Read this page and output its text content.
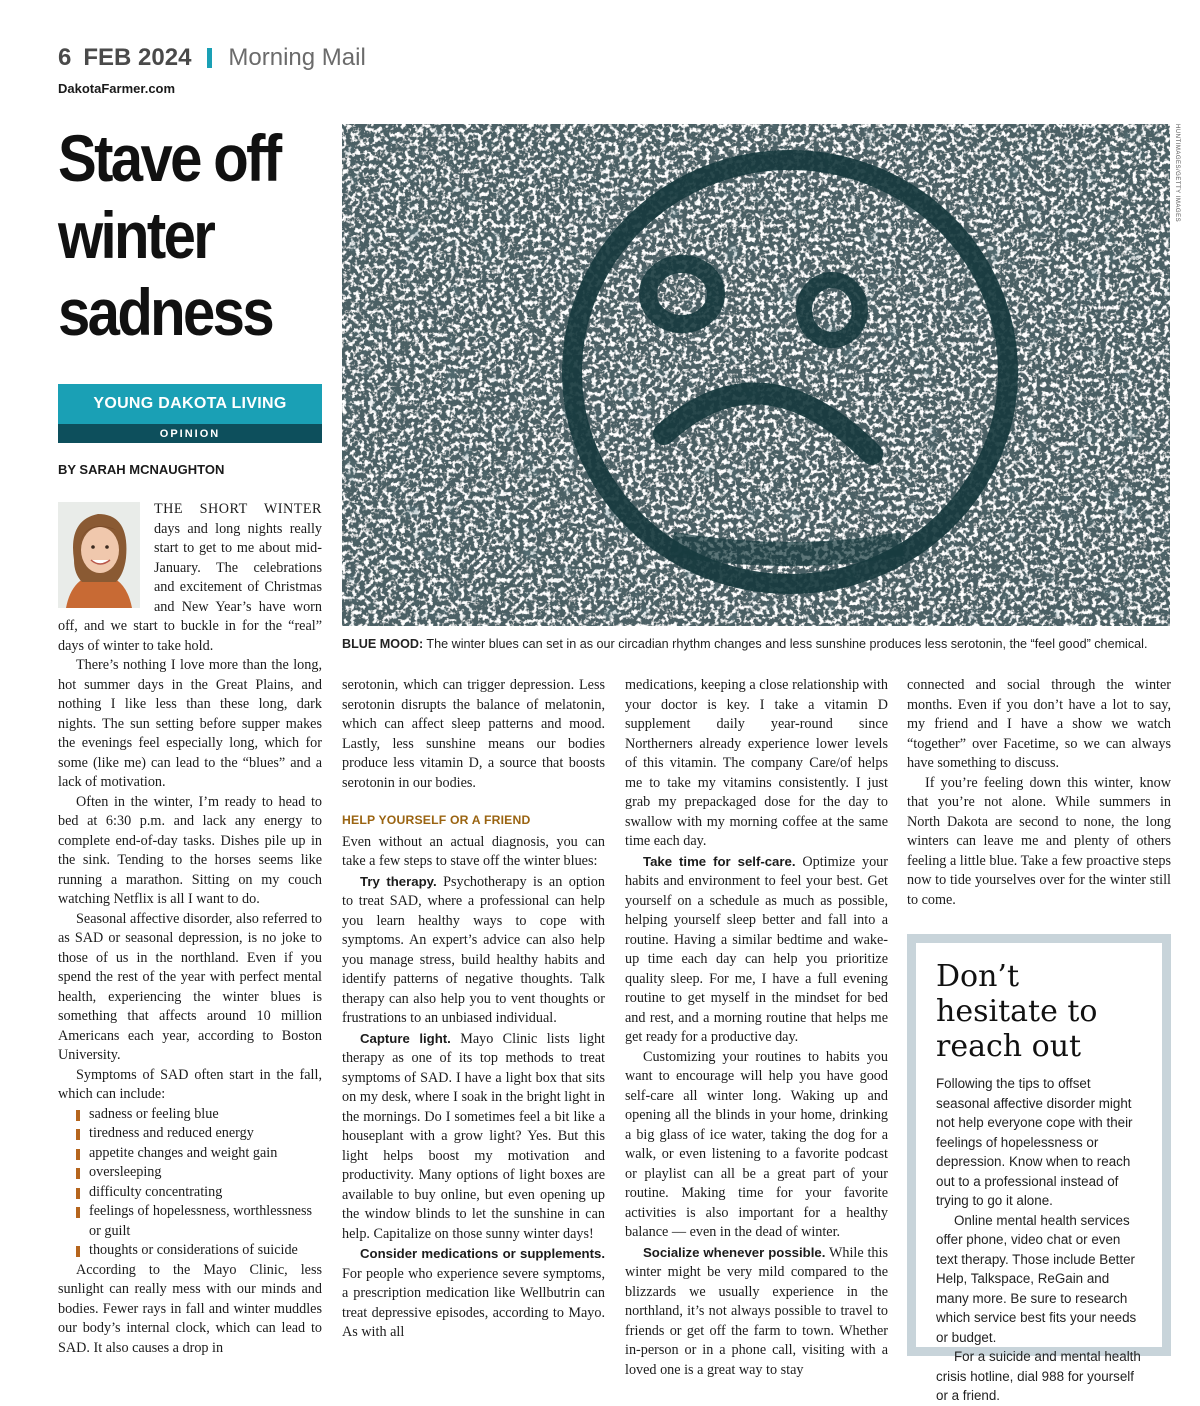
6 FEB 2024 Morning Mail
DakotaFarmer.com
Stave off winter sadness
YOUNG DAKOTA LIVING
OPINION
BY SARAH MCNAUGHTON
HUNTIMAGES/GETTY IMAGES
BLUE MOOD: The winter blues can set in as our circadian rhythm changes and less sunshine produces less serotonin, the “feel good” chemical.

THE SHORT WINTER days and long nights really start to get to me about mid-January. The celebrations and excitement of Christmas and New Year’s have worn off, and we start to buckle in for the “real” days of winter to take hold.

There’s nothing I love more than the long, hot summer days in the Great Plains, and nothing I like less than these long, dark nights. The sun setting before supper makes the evenings feel especially long, which for some (like me) can lead to the “blues” and a lack of motivation.

Often in the winter, I’m ready to head to bed at 6:30 p.m. and lack any energy to complete end-of-day tasks. Dishes pile up in the sink. Tending to the horses seems like running a marathon. Sitting on my couch watching Netflix is all I want to do.

Seasonal affective disorder, also referred to as SAD or seasonal depression, is no joke to those of us in the northland. Even if you spend the rest of the year with perfect mental health, experiencing the winter blues is something that affects around 10 million Americans each year, according to Boston University.

Symptoms of SAD often start in the fall, which can include:

sadness or feeling blue
tiredness and reduced energy
appetite changes and weight gain
oversleeping
difficulty concentrating
feelings of hopelessness, worthlessness or guilt
thoughts or considerations of suicide

According to the Mayo Clinic, less sunlight can really mess with our minds and bodies. Fewer rays in fall and winter muddles our body’s internal clock, which can lead to SAD. It also causes a drop in

serotonin, which can trigger depression. Less serotonin disrupts the balance of melatonin, which can affect sleep patterns and mood. Lastly, less sunshine means our bodies produce less vitamin D, a source that boosts serotonin in our bodies.

HELP YOURSELF OR A FRIEND

Even without an actual diagnosis, you can take a few steps to stave off the winter blues:

Try therapy. Psychotherapy is an option to treat SAD, where a professional can help you learn healthy ways to cope with symptoms. An expert’s advice can also help you manage stress, build healthy habits and identify patterns of negative thoughts. Talk therapy can also help you to vent thoughts or frustrations to an unbiased individual.

Capture light. Mayo Clinic lists light therapy as one of its top methods to treat symptoms of SAD. I have a light box that sits on my desk, where I soak in the bright light in the mornings. Do I sometimes feel a bit like a houseplant with a grow light? Yes. But this light helps boost my motivation and productivity. Many options of light boxes are available to buy online, but even opening up the window blinds to let the sunshine in can help. Capitalize on those sunny winter days!

Consider medications or supplements. For people who experience severe symptoms, a prescription medication like Wellbutrin can treat depressive episodes, according to Mayo. As with all

medications, keeping a close relationship with your doctor is key. I take a vitamin D supplement daily year-round since Northerners already experience lower levels of this vitamin. The company Care/of helps me to take my vitamins consistently. I just grab my prepackaged dose for the day to swallow with my morning coffee at the same time each day.

Take time for self-care. Optimize your habits and environment to feel your best. Get yourself on a schedule as much as possible, helping yourself sleep better and fall into a routine. Having a similar bedtime and wake-up time each day can help you prioritize quality sleep. For me, I have a full evening routine to get myself in the mindset for bed and rest, and a morning routine that helps me get ready for a productive day.

Customizing your routines to habits you want to encourage will help you have good self-care all winter long. Waking up and opening all the blinds in your home, drinking a big glass of ice water, taking the dog for a walk, or even listening to a favorite podcast or playlist can all be a great part of your routine. Making time for your favorite activities is also important for a healthy balance — even in the dead of winter.

Socialize whenever possible. While this winter might be very mild compared to the blizzards we usually experience in the northland, it’s not always possible to travel to friends or get off the farm to town. Whether in-person or in a phone call, visiting with a loved one is a great way to stay

connected and social through the winter months. Even if you don’t have a lot to say, my friend and I have a show we watch “together” over Facetime, so we can always have something to discuss.

If you’re feeling down this winter, know that you’re not alone. While summers in North Dakota are second to none, the long winters can leave me and plenty of others feeling a little blue. Take a few proactive steps now to tide yourselves over for the winter still to come.

Don’t hesitate to reach out

Following the tips to offset seasonal affective disorder might not help everyone cope with their feelings of hopelessness or depression. Know when to reach out to a professional instead of trying to go it alone.

Online mental health services offer phone, video chat or even text therapy. Those include Better Help, Talkspace, ReGain and many more. Be sure to research which service best fits your needs or budget.

For a suicide and mental health crisis hotline, dial 988 for yourself or a friend.
